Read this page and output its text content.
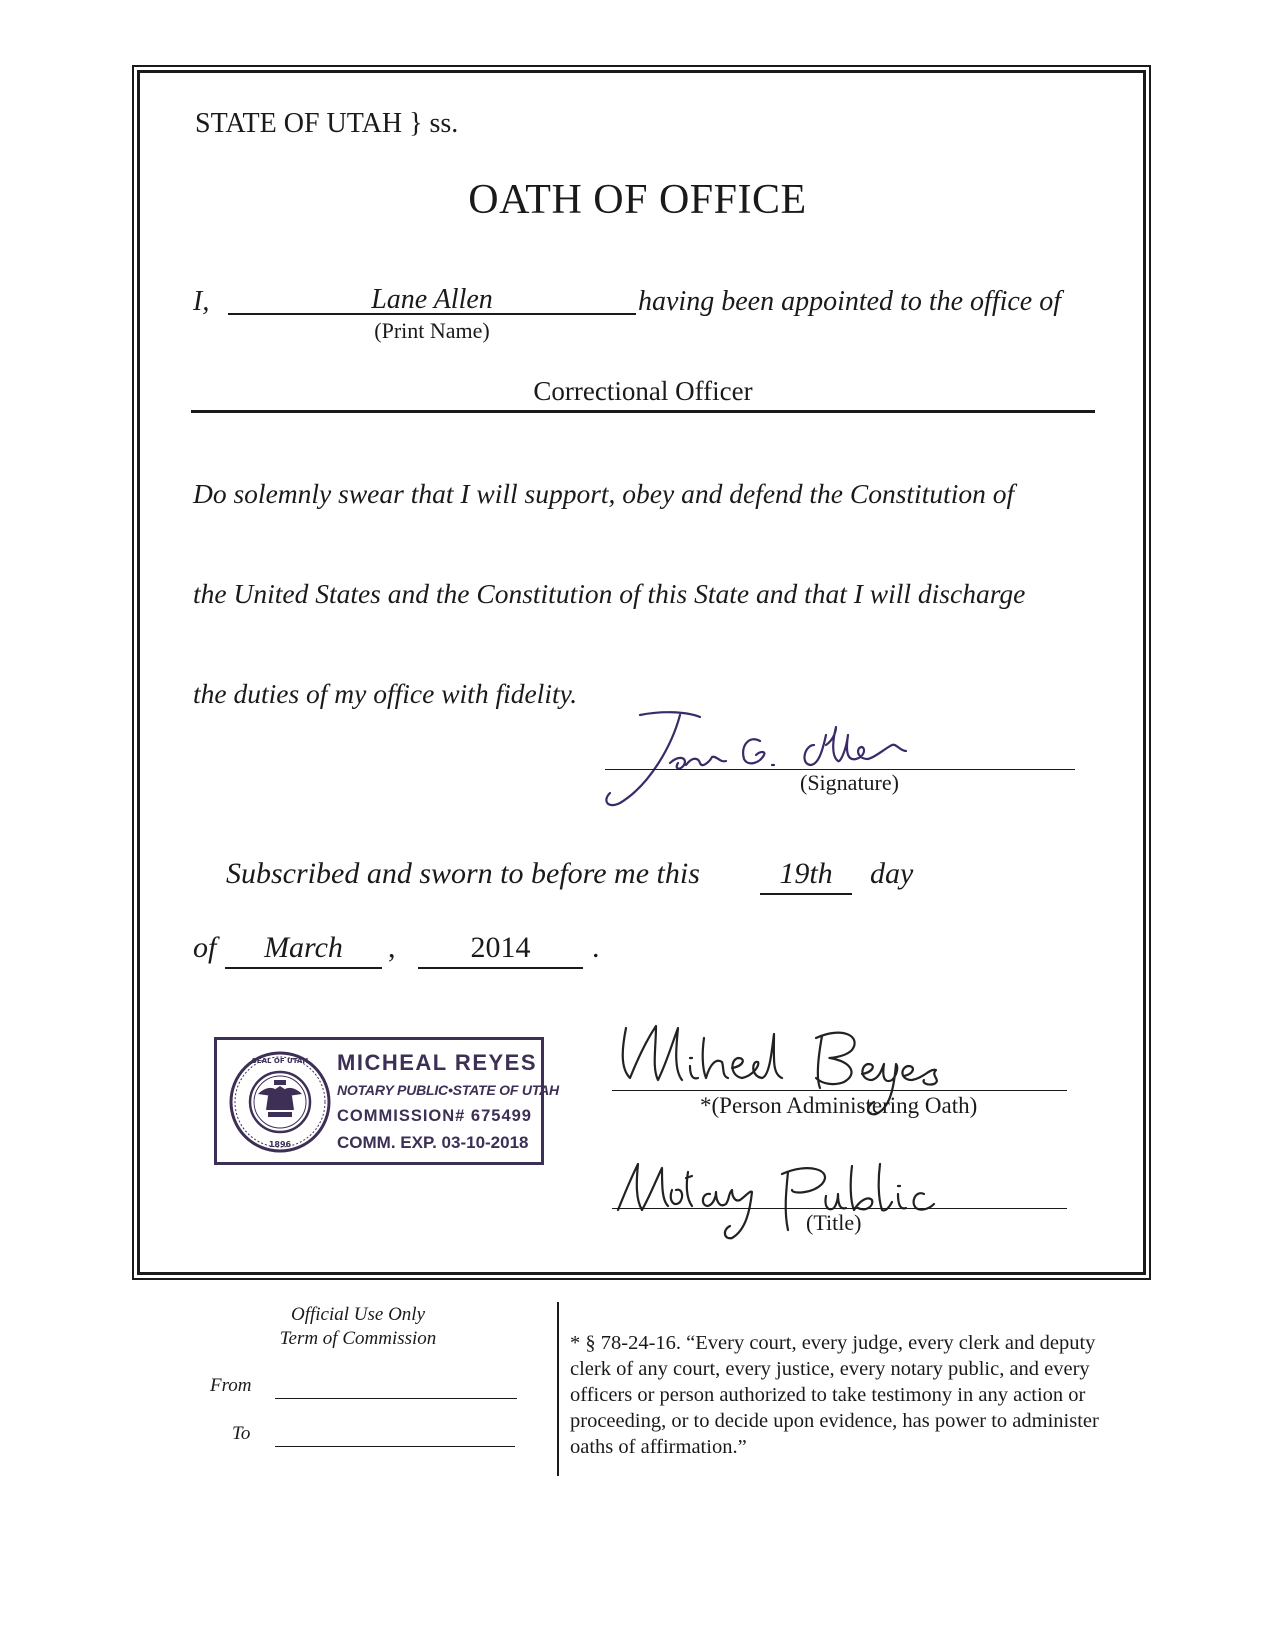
STATE OF UTAH } ss.
OATH OF OFFICE
I,	Lane Allen	having been appointed to the office of
(Print Name)
Correctional Officer
Do solemnly swear that I will support, obey and defend the Constitution of
the United States and the Constitution of this State and that I will discharge
the duties of my office with fidelity.
(Signature)
Subscribed and sworn to before me this	19th	day
of	March	,	2014	.
SEAL OF UTAH
1896
MICHEAL REYES
NOTARY PUBLIC•STATE OF UTAH
COMMISSION# 675499
COMM. EXP. 03-10-2018
*(Person Administering Oath)
(Title)
Official Use Only
Term of Commission
From
To
* § 78-24-16. “Every court, every judge, every clerk and deputy clerk of any court, every justice, every notary public, and every officers or person authorized to take testimony in any action or proceeding, or to decide upon evidence, has power to administer oaths of affirmation.”
